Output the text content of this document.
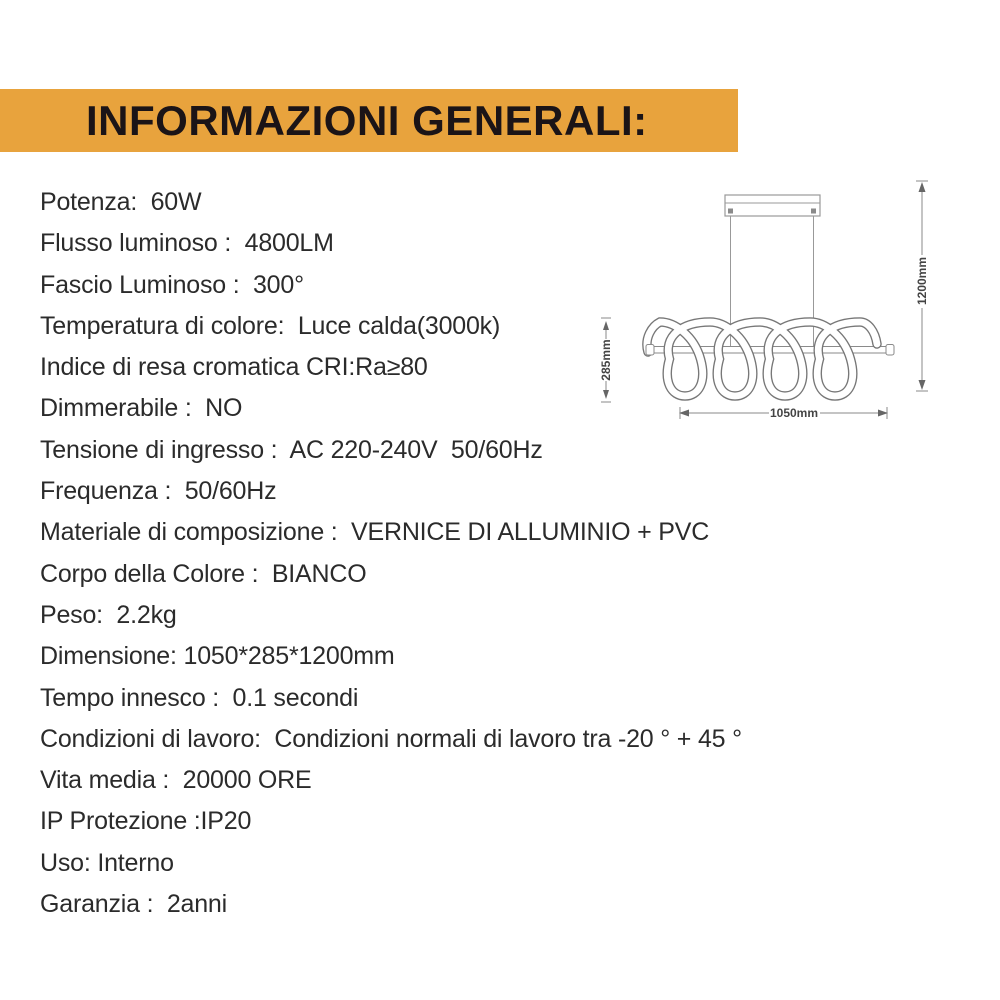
INFORMAZIONI GENERALI:
Potenza:  60W
Flusso luminoso :  4800LM
Fascio Luminoso :  300°
Temperatura di colore:  Luce calda(3000k)
Indice di resa cromatica CRI:Ra≥80
Dimmerabile :  NO
Tensione di ingresso :  AC 220-240V  50/60Hz
Frequenza :  50/60Hz
Materiale di composizione :  VERNICE DI ALLUMINIO + PVC
Corpo della Colore :  BIANCO
Peso:  2.2kg
Dimensione: 1050*285*1200mm
Tempo innesco :  0.1 secondi
Condizioni di lavoro:  Condizioni normali di lavoro tra -20 ° + 45 °
Vita media :  20000 ORE
IP Protezione :IP20
Uso: Interno
Garanzia :  2anni
1200mm
285mm
1050mm
